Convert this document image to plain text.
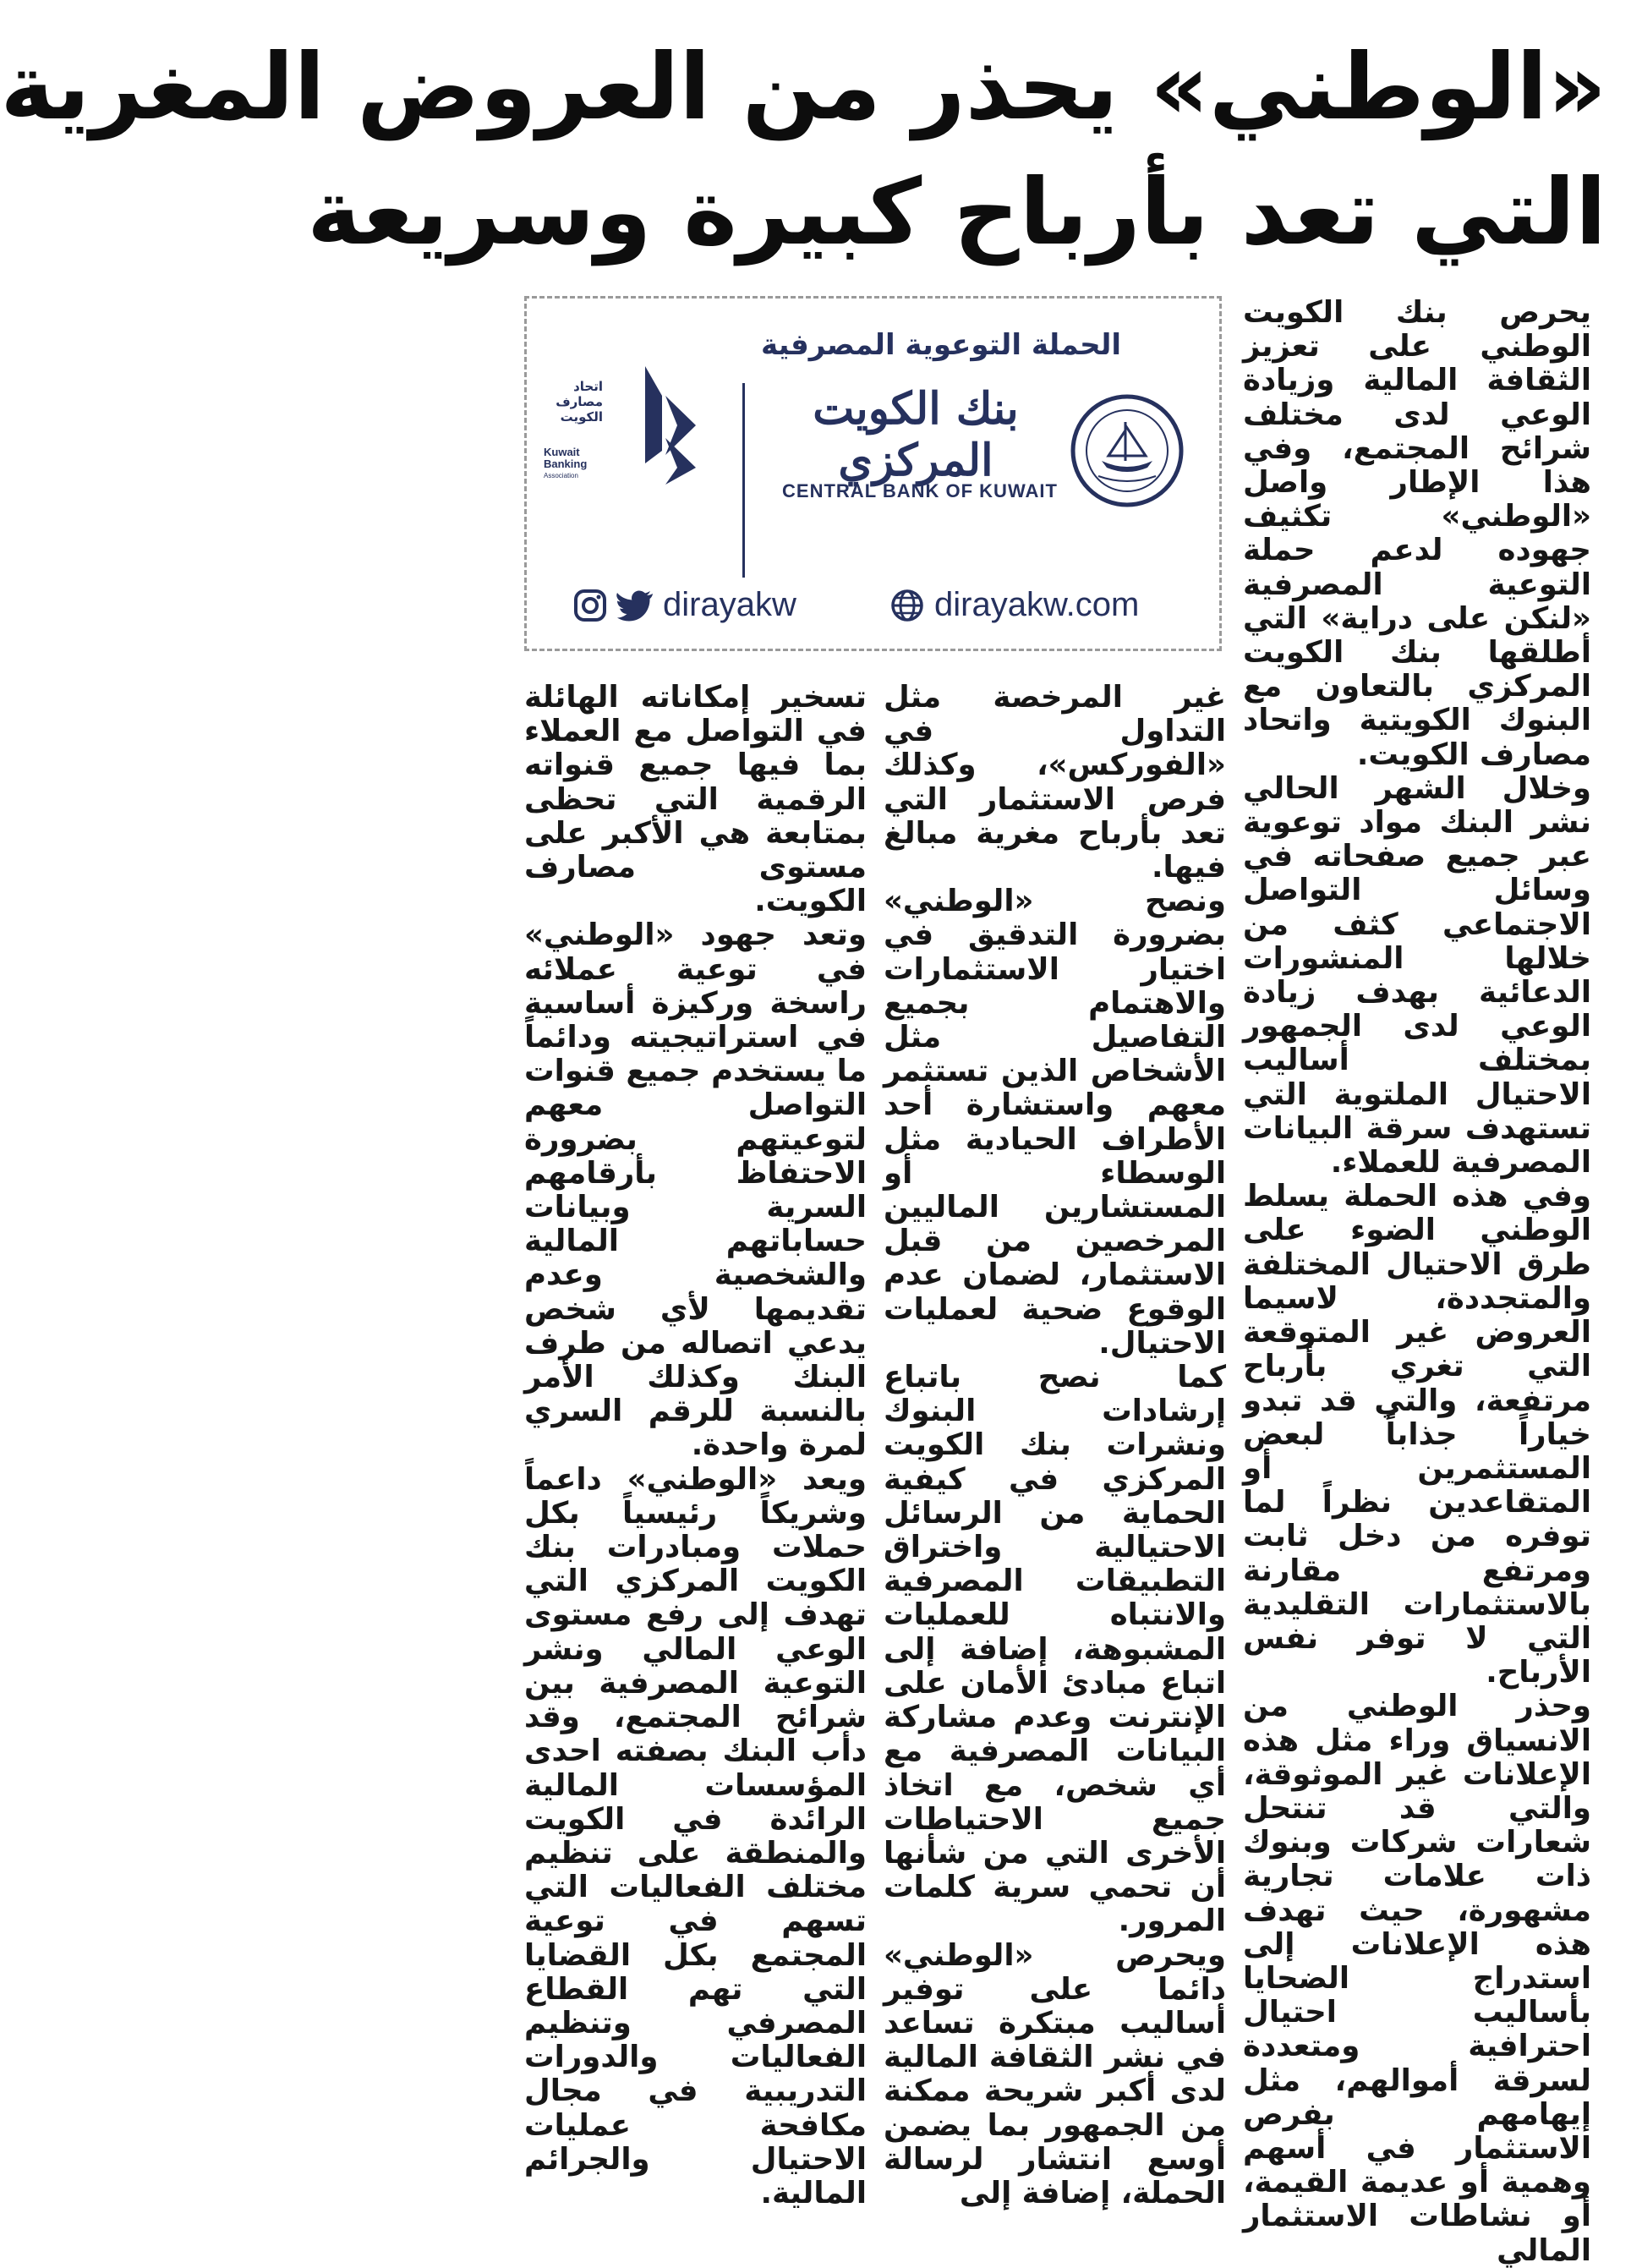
«الوطني» يحذر من العروض المغرية
التي تعد بأرباح كبيرة وسريعة

يحرص بنك الكويت الوطني على تعزيز الثقافة المالية وزيادة الوعي لدى مختلف شرائح المجتمع، وفي هذا الإطار واصل «الوطني» تكثيف جهوده لدعم حملة التوعية المصرفية «لنكن على دراية» التي أطلقها بنك الكويت المركزي بالتعاون مع البنوك الكويتية واتحاد مصارف الكويت.

وخلال الشهر الحالي نشر البنك مواد توعوية عبر جميع صفحاته في وسائل التواصل الاجتماعي كثف من خلالها المنشورات الدعائية بهدف زيادة الوعي لدى الجمهور بمختلف أساليب الاحتيال الملتوية التي تستهدف سرقة البيانات المصرفية للعملاء.

وفي هذه الحملة يسلط الوطني الضوء على طرق الاحتيال المختلفة والمتجددة، لاسيما العروض غير المتوقعة التي تغري بأرباح مرتفعة، والتي قد تبدو خياراً جذاباً لبعض المستثمرين أو المتقاعدين نظراً لما توفره من دخل ثابت ومرتفع مقارنة بالاستثمارات التقليدية التي لا توفر نفس الأرباح.

وحذر الوطني من الانسياق وراء مثل هذه الإعلانات غير الموثوقة، والتي قد تنتحل شعارات شركات وبنوك ذات علامات تجارية مشهورة، حيث تهدف هذه الإعلانات إلى استدراج الضحايا بأساليب احتيال احترافية ومتعددة لسرقة أموالهم، مثل إيهامهم بفرص الاستثمار في أسهم وهمية أو عديمة القيمة، أو نشاطات الاستثمار المالي

الحملة التوعوية المصرفية
بنك الكويت المركزي
CENTRAL BANK OF KUWAIT
اتحاد
مصارف
الكويت
Kuwait
Banking
Association
dirayakw	dirayakw.com

غير المرخصة مثل التداول في «الفوركس»، وكذلك فرص الاستثمار التي تعد بأرباح مغرية مبالغ فيها.

ونصح «الوطني» بضرورة التدقيق في اختيار الاستثمارات والاهتمام بجميع التفاصيل مثل الأشخاص الذين تستثمر معهم واستشارة أحد الأطراف الحيادية مثل الوسطاء أو المستشارين الماليين المرخصين من قبل الاستثمار، لضمان عدم الوقوع ضحية لعمليات الاحتيال.

كما نصح باتباع إرشادات البنوك ونشرات بنك الكويت المركزي في كيفية الحماية من الرسائل الاحتيالية واختراق التطبيقات المصرفية والانتباه للعمليات المشبوهة، إضافة إلى اتباع مبادئ الأمان على الإنترنت وعدم مشاركة البيانات المصرفية مع أي شخص، مع اتخاذ جميع الاحتياطات الأخرى التي من شأنها أن تحمي سرية كلمات المرور.

ويحرص «الوطني» دائما على توفير أساليب مبتكرة تساعد في نشر الثقافة المالية لدى أكبر شريحة ممكنة من الجمهور بما يضمن أوسع انتشار لرسالة الحملة، إضافة إلى

تسخير إمكاناته الهائلة في التواصل مع العملاء بما فيها جميع قنواته الرقمية التي تحظى بمتابعة هي الأكبر على مستوى مصارف الكويت.

وتعد جهود «الوطني» في توعية عملائه راسخة وركيزة أساسية في استراتيجيته ودائماً ما يستخدم جميع قنوات التواصل معهم لتوعيتهم بضرورة الاحتفاظ بأرقامهم السرية وبيانات حساباتهم المالية والشخصية وعدم تقديمها لأي شخص يدعي اتصاله من طرف البنك وكذلك الأمر بالنسبة للرقم السري لمرة واحدة.

ويعد «الوطني» داعماً وشريكاً رئيسياً بكل حملات ومبادرات بنك الكويت المركزي التي تهدف إلى رفع مستوى الوعي المالي ونشر التوعية المصرفية بين شرائح المجتمع، وقد دأب البنك بصفته احدى المؤسسات المالية الرائدة في الكويت والمنطقة على تنظيم مختلف الفعاليات التي تسهم في توعية المجتمع بكل القضايا التي تهم القطاع المصرفي وتنظيم الفعاليات والدورات التدريبية في مجال مكافحة عمليات الاحتيال والجرائم المالية.
